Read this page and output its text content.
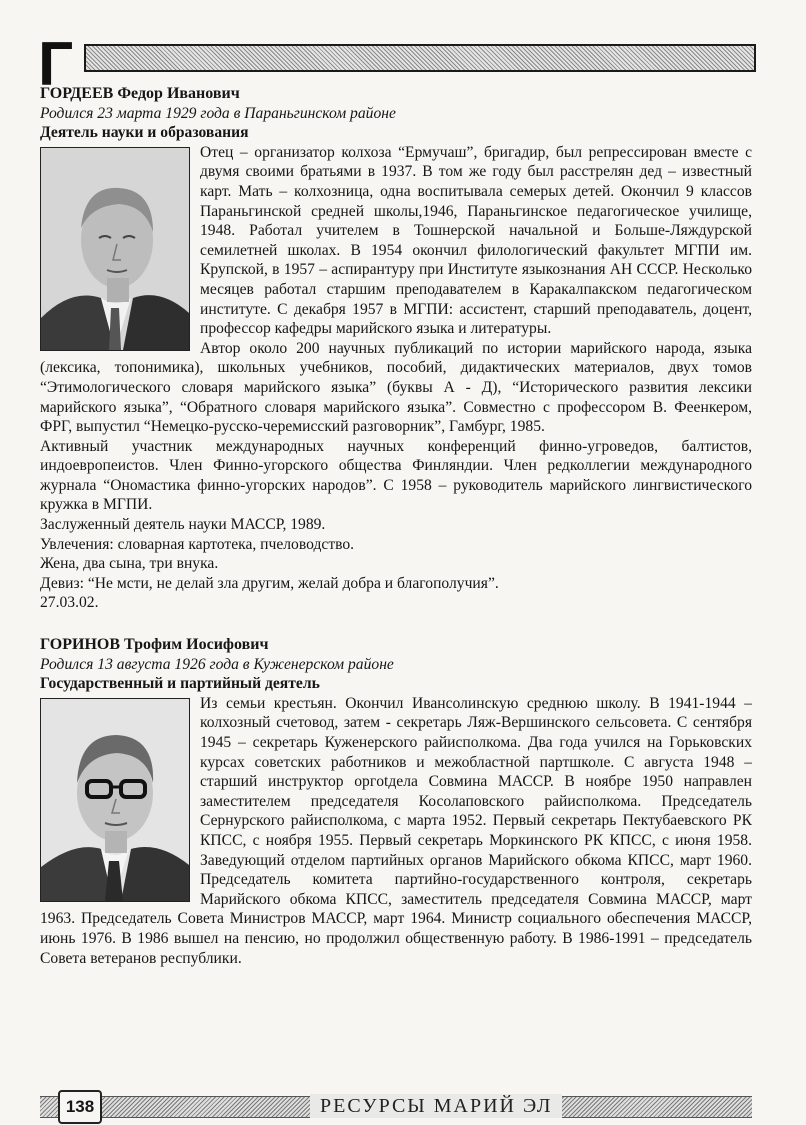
Г
ГОРДЕЕВ Федор Иванович
Родился 23 марта 1929 года в Параньгинском районе
Деятель науки и образования

Отец – организатор колхоза “Ермучаш”, бригадир, был репрессирован вместе с двумя своими братьями в 1937. В том же году был расстрелян дед – известный карт. Мать – колхозница, одна воспитывала семерых детей. Окончил 9 классов Параньгинской средней школы,1946, Параньгинское педагогическое училище, 1948. Работал учителем в Тошнерской начальной и Больше-Ляждурской семилетней школах. В 1954 окончил филологический факультет МГПИ им. Крупской, в 1957 – аспирантуру при Институте языкознания АН СССР. Несколько месяцев работал старшим преподавателем в Каракалпакском педагогическом институте. С декабря 1957 в МГПИ: ассистент, старший преподаватель, доцент, профессор кафедры марийского языка и литературы.

Автор около 200 научных публикаций по истории марийского народа, языка (лексика, топонимика), школьных учебников, пособий, дидактических материалов, двух томов “Этимологического словаря марийского языка” (буквы А - Д), “Исторического развития лексики марийского языка”, “Обратного словаря марийского языка”. Совместно с профессором В. Феенкером, ФРГ, выпустил “Немецко-русско-черемисский разговорник”, Гамбург, 1985.

Активный участник международных научных конференций финно-угроведов, балтистов, индоевропеистов. Член Финно-угорского общества Финляндии. Член редколлегии международного журнала “Ономастика финно-угорских народов”. С 1958 – руководитель марийского лингвистического кружка в МГПИ.

Заслуженный деятель науки МАССР, 1989.

Увлечения: словарная картотека, пчеловодство.

Жена, два сына, три внука.

Девиз: “Не мсти, не делай зла другим, желай добра и благополучия”.

27.03.02.

ГОРИНОВ Трофим Иосифович
Родился 13 августа 1926 года в Куженерском районе
Государственный и партийный деятель

Из семьи крестьян. Окончил Ивансолинскую среднюю школу. В 1941-1944 – колхозный счетовод, затем - секретарь Ляж-Вершинского сельсовета. С сентября 1945 – секретарь Куженерского райисполкома. Два года учился на Горьковских курсах советских работников и межобластной партшколе. С августа 1948 – старший инструктор оргotдела Совмина МАССР. В ноябре 1950 направлен заместителем председателя Косолаповского райисполкома. Председатель Сернурского райисполкома, с марта 1952. Первый секретарь Пектубаевского РК КПСС, с ноября 1955. Первый секретарь Моркинского РК КПСС, с июня 1958. Заведующий отделом партийных органов Марийского обкома КПСС, март 1960. Председатель комитета партийно-государственного контроля, секретарь Марийского обкома КПСС, заместитель председателя Совмина МАССР, март 1963. Председатель Совета Министров МАССР, март 1964. Министр социального обеспечения МАССР, июнь 1976. В 1986 вышел на пенсию, но продолжил общественную работу. В 1986-1991 – председатель Совета ветеранов республики.

138	РЕСУРСЫ МАРИЙ ЭЛ
